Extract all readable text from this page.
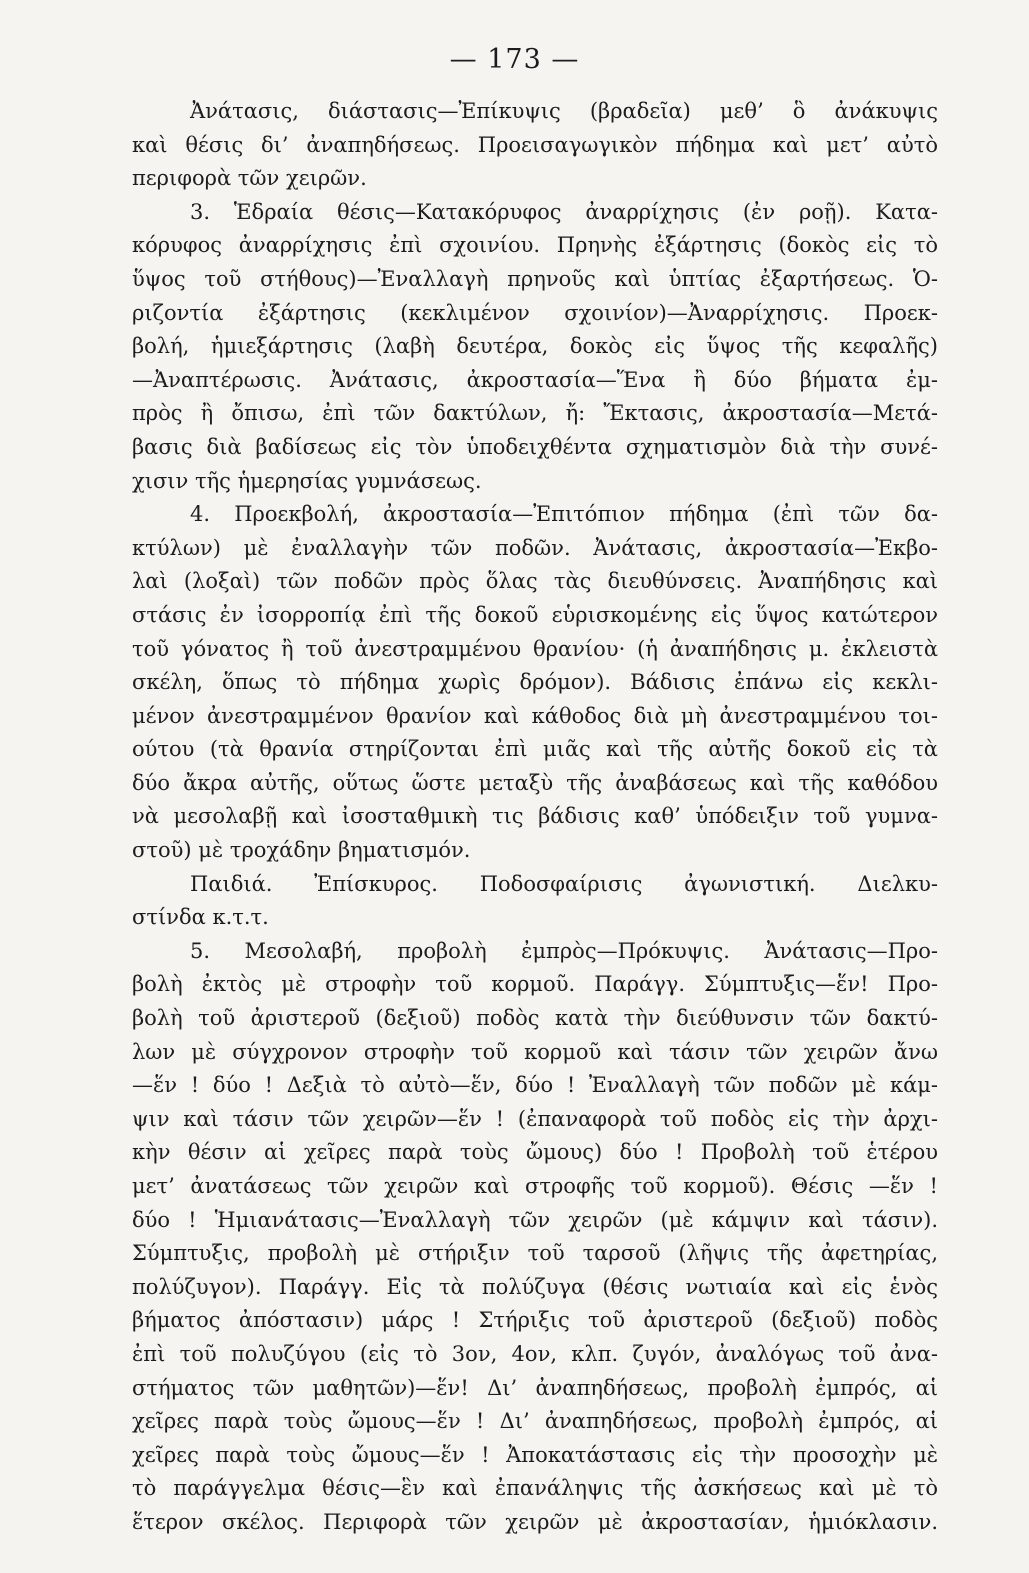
— 173 —
Ἀνάτασις, διάστασις—Ἐπίκυψις (βραδεῖα) μεθ’ ὃ ἀνάκυψις
καὶ θέσις δι’ ἀναπηδήσεως. Προεισαγωγικὸν πήδημα καὶ μετ’ αὐτὸ
περιφορὰ τῶν χειρῶν.
3. Ἑδραία θέσις—Κατακόρυφος ἀναρρίχησις (ἐν ροῇ). Κατα-
κόρυφος ἀναρρίχησις ἐπὶ σχοινίου. Πρηνὴς ἐξάρτησις (δοκὸς εἰς τὸ
ὕψος τοῦ στήθους)—Ἐναλλαγὴ πρηνοῦς καὶ ὑπτίας ἐξαρτήσεως. Ὁ-
ριζοντία ἐξάρτησις (κεκλιμένον σχοινίον)—Ἀναρρίχησις. Προεκ-
βολή, ἡμιεξάρτησις (λαβὴ δευτέρα, δοκὸς εἰς ὕψος τῆς κεφαλῆς)
—Ἀναπτέρωσις. Ἀνάτασις, ἀκροστασία—Ἕνα ἢ δύο βήματα ἐμ-
πρὸς ἢ ὄπισω, ἐπὶ τῶν δακτύλων, ἤ: Ἔκτασις, ἀκροστασία—Μετά-
βασις διὰ βαδίσεως εἰς τὸν ὑποδειχθέντα σχηματισμὸν διὰ τὴν συνέ-
χισιν τῆς ἡμερησίας γυμνάσεως.
4. Προεκβολή, ἀκροστασία—Ἐπιτόπιον πήδημα (ἐπὶ τῶν δα-
κτύλων) μὲ ἐναλλαγὴν τῶν ποδῶν. Ἀνάτασις, ἀκροστασία—Ἐκβο-
λαὶ (λοξαὶ) τῶν ποδῶν πρὸς ὅλας τὰς διευθύνσεις. Ἀναπήδησις καὶ
στάσις ἐν ἰσορροπίᾳ ἐπὶ τῆς δοκοῦ εὑρισκομένης εἰς ὕψος κατώτερον
τοῦ γόνατος ἢ τοῦ ἀνεστραμμένου θρανίου· (ἡ ἀναπήδησις μ. ἐκλειστὰ
σκέλη, ὅπως τὸ πήδημα χωρὶς δρόμον). Βάδισις ἐπάνω εἰς κεκλι-
μένον ἀνεστραμμένον θρανίον καὶ κάθοδος διὰ μὴ ἀνεστραμμένου τοι-
ούτου (τὰ θρανία στηρίζονται ἐπὶ μιᾶς καὶ τῆς αὐτῆς δοκοῦ εἰς τὰ
δύο ἄκρα αὐτῆς, οὕτως ὥστε μεταξὺ τῆς ἀναβάσεως καὶ τῆς καθόδου
νὰ μεσολαβῇ καὶ ἰσοσταθμικὴ τις βάδισις καθ’ ὑπόδειξιν τοῦ γυμνα-
στοῦ) μὲ τροχάδην βηματισμόν.
Παιδιά. Ἐπίσκυρος. Ποδοσφαίρισις ἀγωνιστική. Διελκυ-
στίνδα κ.τ.τ.
5. Μεσολαβή, προβολὴ ἐμπρὸς—Πρόκυψις. Ἀνάτασις—Προ-
βολὴ ἐκτὸς μὲ στροφὴν τοῦ κορμοῦ. Παράγγ. Σύμπτυξις—ἕν! Προ-
βολὴ τοῦ ἀριστεροῦ (δεξιοῦ) ποδὸς κατὰ τὴν διεύθυνσιν τῶν δακτύ-
λων μὲ σύγχρονον στροφὴν τοῦ κορμοῦ καὶ τάσιν τῶν χειρῶν ἄνω
—ἕν ! δύο ! Δεξιὰ τὸ αὐτὸ—ἕν, δύο ! Ἐναλλαγὴ τῶν ποδῶν μὲ κάμ-
ψιν καὶ τάσιν τῶν χειρῶν—ἕν ! (ἐπαναφορὰ τοῦ ποδὸς εἰς τὴν ἀρχι-
κὴν θέσιν αἱ χεῖρες παρὰ τοὺς ὤμους) δύο ! Προβολὴ τοῦ ἑτέρου
μετ’ ἀνατάσεως τῶν χειρῶν καὶ στροφῆς τοῦ κορμοῦ). Θέσις —ἕν !
δύο ! Ἡμιανάτασις—Ἐναλλαγὴ τῶν χειρῶν (μὲ κάμψιν καὶ τάσιν).
Σύμπτυξις, προβολὴ μὲ στήριξιν τοῦ ταρσοῦ (λῆψις τῆς ἀφετηρίας,
πολύζυγον). Παράγγ. Εἰς τὰ πολύζυγα (θέσις νωτιαία καὶ εἰς ἑνὸς
βήματος ἀπόστασιν) μάρς ! Στήριξις τοῦ ἀριστεροῦ (δεξιοῦ) ποδὸς
ἐπὶ τοῦ πολυζύγου (εἰς τὸ 3ον, 4ον, κλπ. ζυγόν, ἀναλόγως τοῦ ἀνα-
στήματος τῶν μαθητῶν)—ἕν! Δι’ ἀναπηδήσεως, προβολὴ ἐμπρός, αἱ
χεῖρες παρὰ τοὺς ὤμους—ἕν ! Δι’ ἀναπηδήσεως, προβολὴ ἐμπρός, αἱ
χεῖρες παρὰ τοὺς ὤμους—ἕν ! Ἀποκατάστασις εἰς τὴν προσοχὴν μὲ
τὸ παράγγελμα θέσις—ἓν καὶ ἐπανάληψις τῆς ἀσκήσεως καὶ μὲ τὸ
ἕτερον σκέλος. Περιφορὰ τῶν χειρῶν μὲ ἀκροστασίαν, ἡμιόκλασιν.
